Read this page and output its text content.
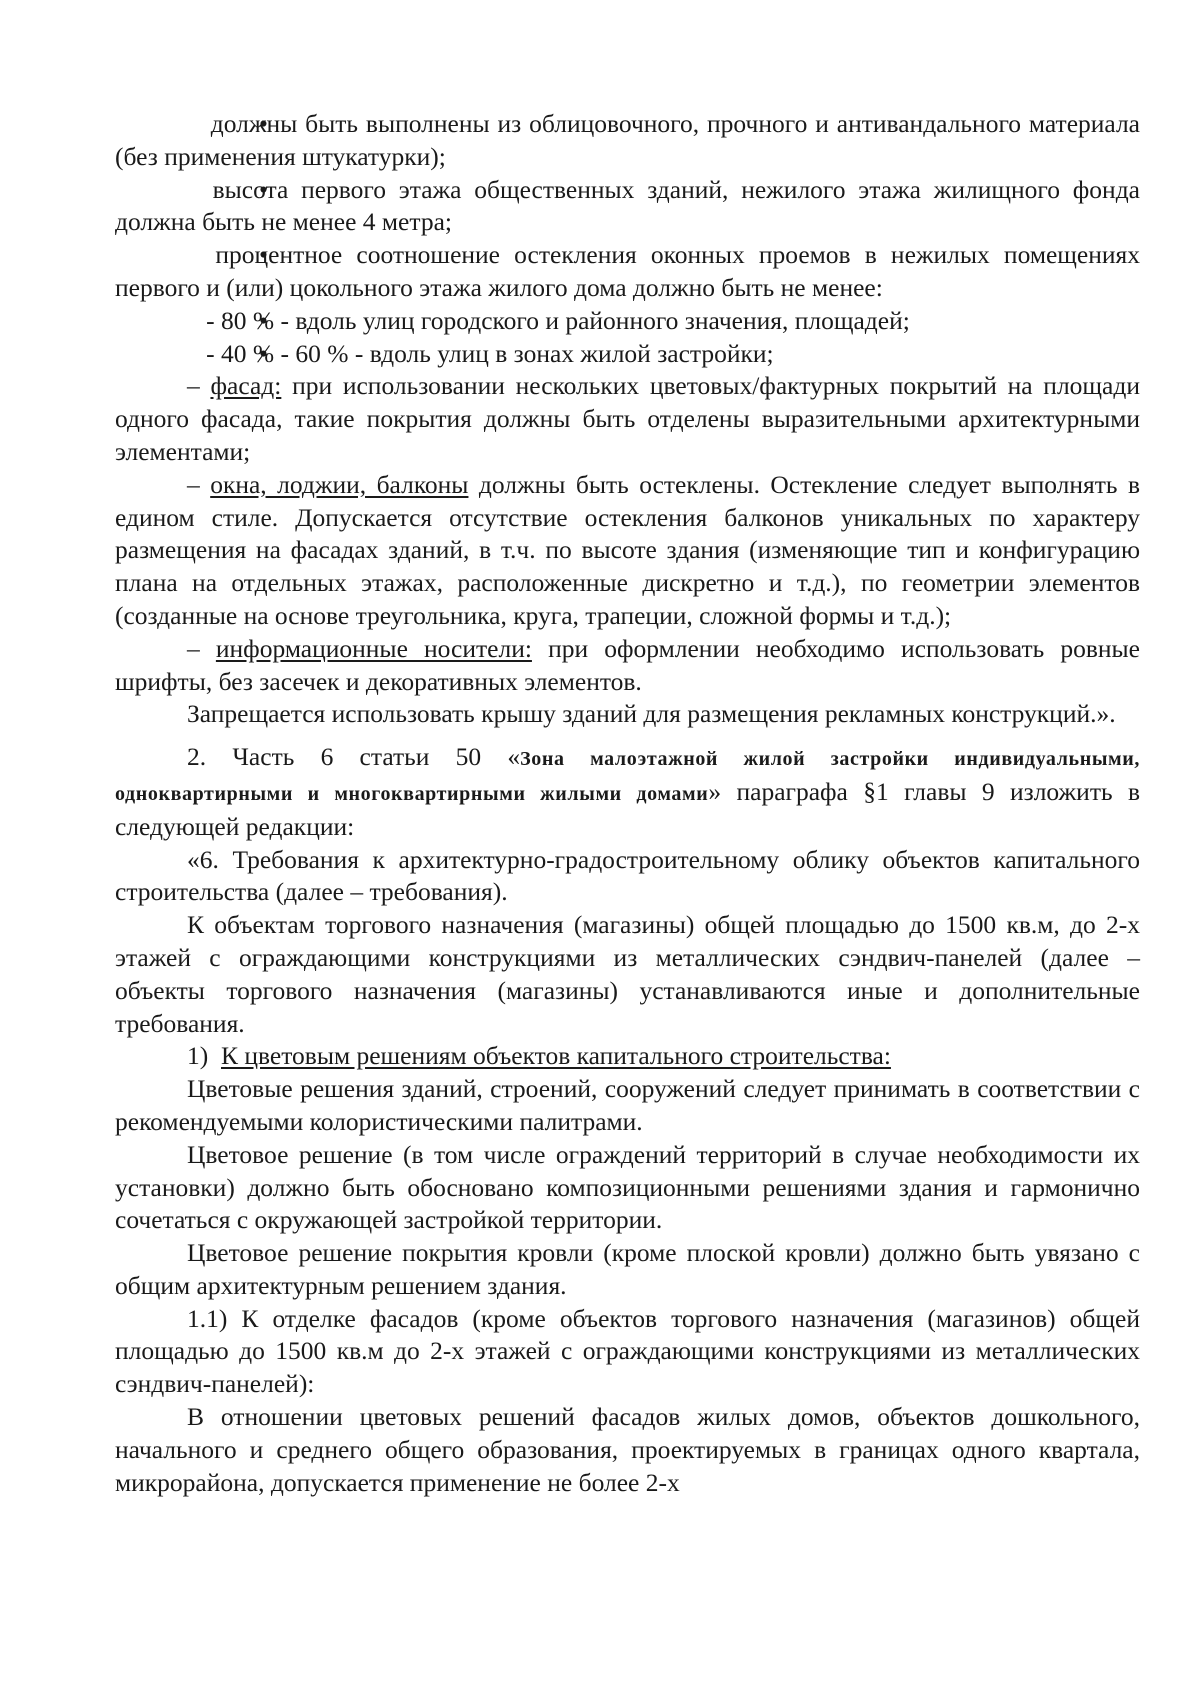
должны быть выполнены из облицовочного, прочного и антивандального материала (без применения штукатурки);

высота первого этажа общественных зданий, нежилого этажа жилищного фонда должна быть не менее 4 метра;

процентное соотношение остекления оконных проемов в нежилых помещениях первого и (или) цокольного этажа жилого дома должно быть не менее:

- 80 % - вдоль улиц городского и районного значения, площадей;

- 40 % - 60 % - вдоль улиц в зонах жилой застройки;

– фасад: при использовании нескольких цветовых/фактурных покрытий на площади одного фасада, такие покрытия должны быть отделены выразительными архитектурными элементами;

– окна, лоджии, балконы должны быть остеклены. Остекление следует выполнять в едином стиле. Допускается отсутствие остекления балконов уникальных по характеру размещения на фасадах зданий, в т.ч. по высоте здания (изменяющие тип и конфигурацию плана на отдельных этажах, расположенные дискретно и т.д.), по геометрии элементов (созданные на основе треугольника, круга, трапеции, сложной формы и т.д.);

– информационные носители: при оформлении необходимо использовать ровные шрифты, без засечек и декоративных элементов.

Запрещается использовать крышу зданий для размещения рекламных конструкций.».

2. Часть 6 статьи 50 «Зона малоэтажной жилой застройки индивидуальными, одноквартирными и многоквартирными жилыми домами» параграфа §1 главы 9 изложить в следующей редакции:

«6. Требования к архитектурно-градостроительному облику объектов капитального строительства (далее – требования).

К объектам торгового назначения (магазины) общей площадью до 1500 кв.м, до 2-х этажей с ограждающими конструкциями из металлических сэндвич-панелей (далее – объекты торгового назначения (магазины) устанавливаются иные и дополнительные требования.

1) К цветовым решениям объектов капитального строительства:

Цветовые решения зданий, строений, сооружений следует принимать в соответствии с рекомендуемыми колористическими палитрами.

Цветовое решение (в том числе ограждений территорий в случае необходимости их установки) должно быть обосновано композиционными решениями здания и гармонично сочетаться с окружающей застройкой территории.

Цветовое решение покрытия кровли (кроме плоской кровли) должно быть увязано с общим архитектурным решением здания.

1.1) К отделке фасадов (кроме объектов торгового назначения (магазинов) общей площадью до 1500 кв.м до 2-х этажей с ограждающими конструкциями из металлических сэндвич-панелей):

В отношении цветовых решений фасадов жилых домов, объектов дошкольного, начального и среднего общего образования, проектируемых в границах одного квартала, микрорайона, допускается применение не более 2-х
